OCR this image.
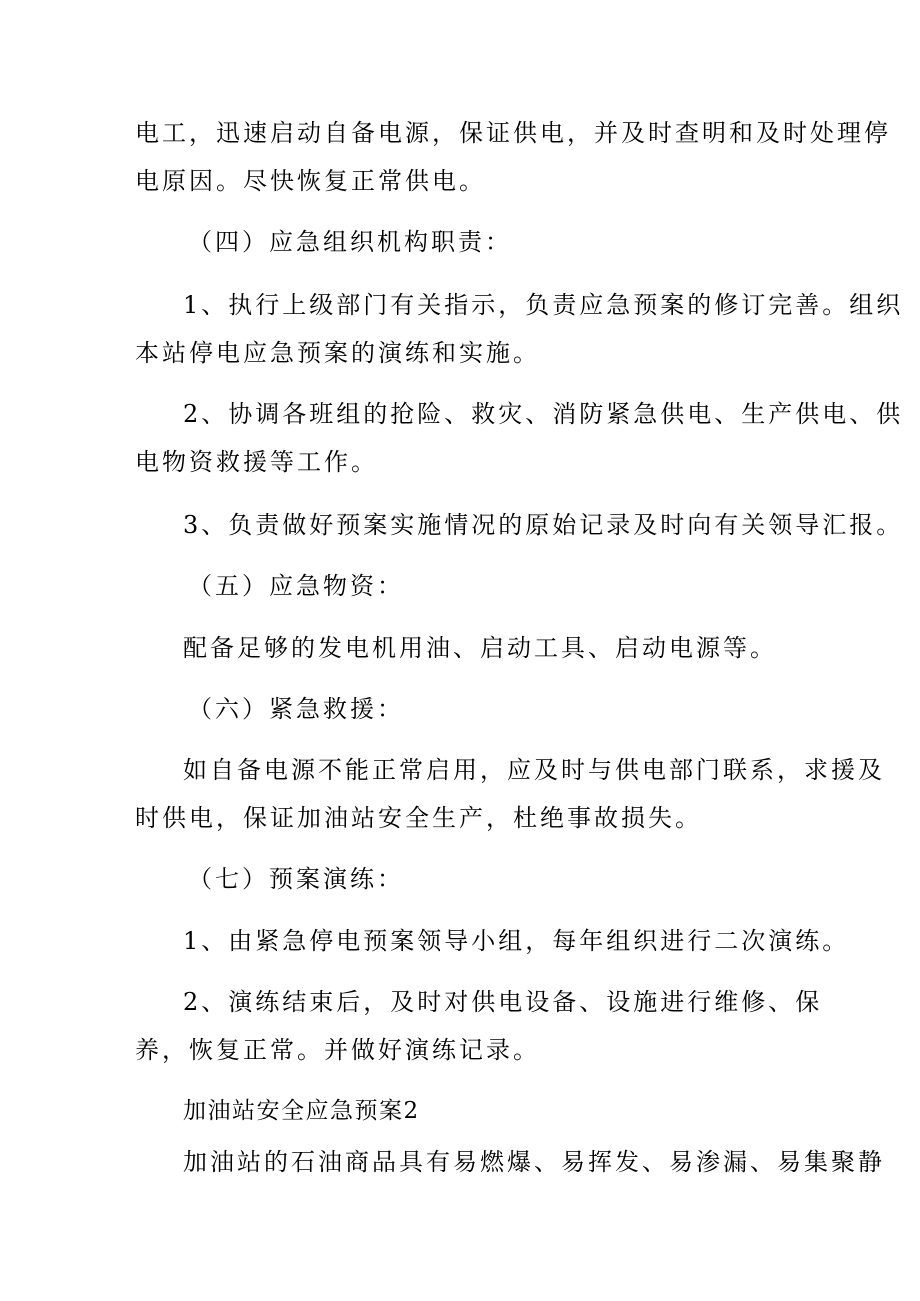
电工，迅速启动自备电源，保证供电，并及时查明和及时处理停
电原因。尽快恢复正常供电。
（四）应急组织机构职责：
1、执行上级部门有关指示，负责应急预案的修订完善。组织
本站停电应急预案的演练和实施。
2、协调各班组的抢险、救灾、消防紧急供电、生产供电、供
电物资救援等工作。
3、负责做好预案实施情况的原始记录及时向有关领导汇报。
（五）应急物资：
配备足够的发电机用油、启动工具、启动电源等。
（六）紧急救援：
如自备电源不能正常启用，应及时与供电部门联系，求援及
时供电，保证加油站安全生产，杜绝事故损失。
（七）预案演练：
1、由紧急停电预案领导小组，每年组织进行二次演练。
2、演练结束后，及时对供电设备、设施进行维修、保
养，恢复正常。并做好演练记录。
加油站安全应急预案2
加油站的石油商品具有易燃爆、易挥发、易渗漏、易集聚静
